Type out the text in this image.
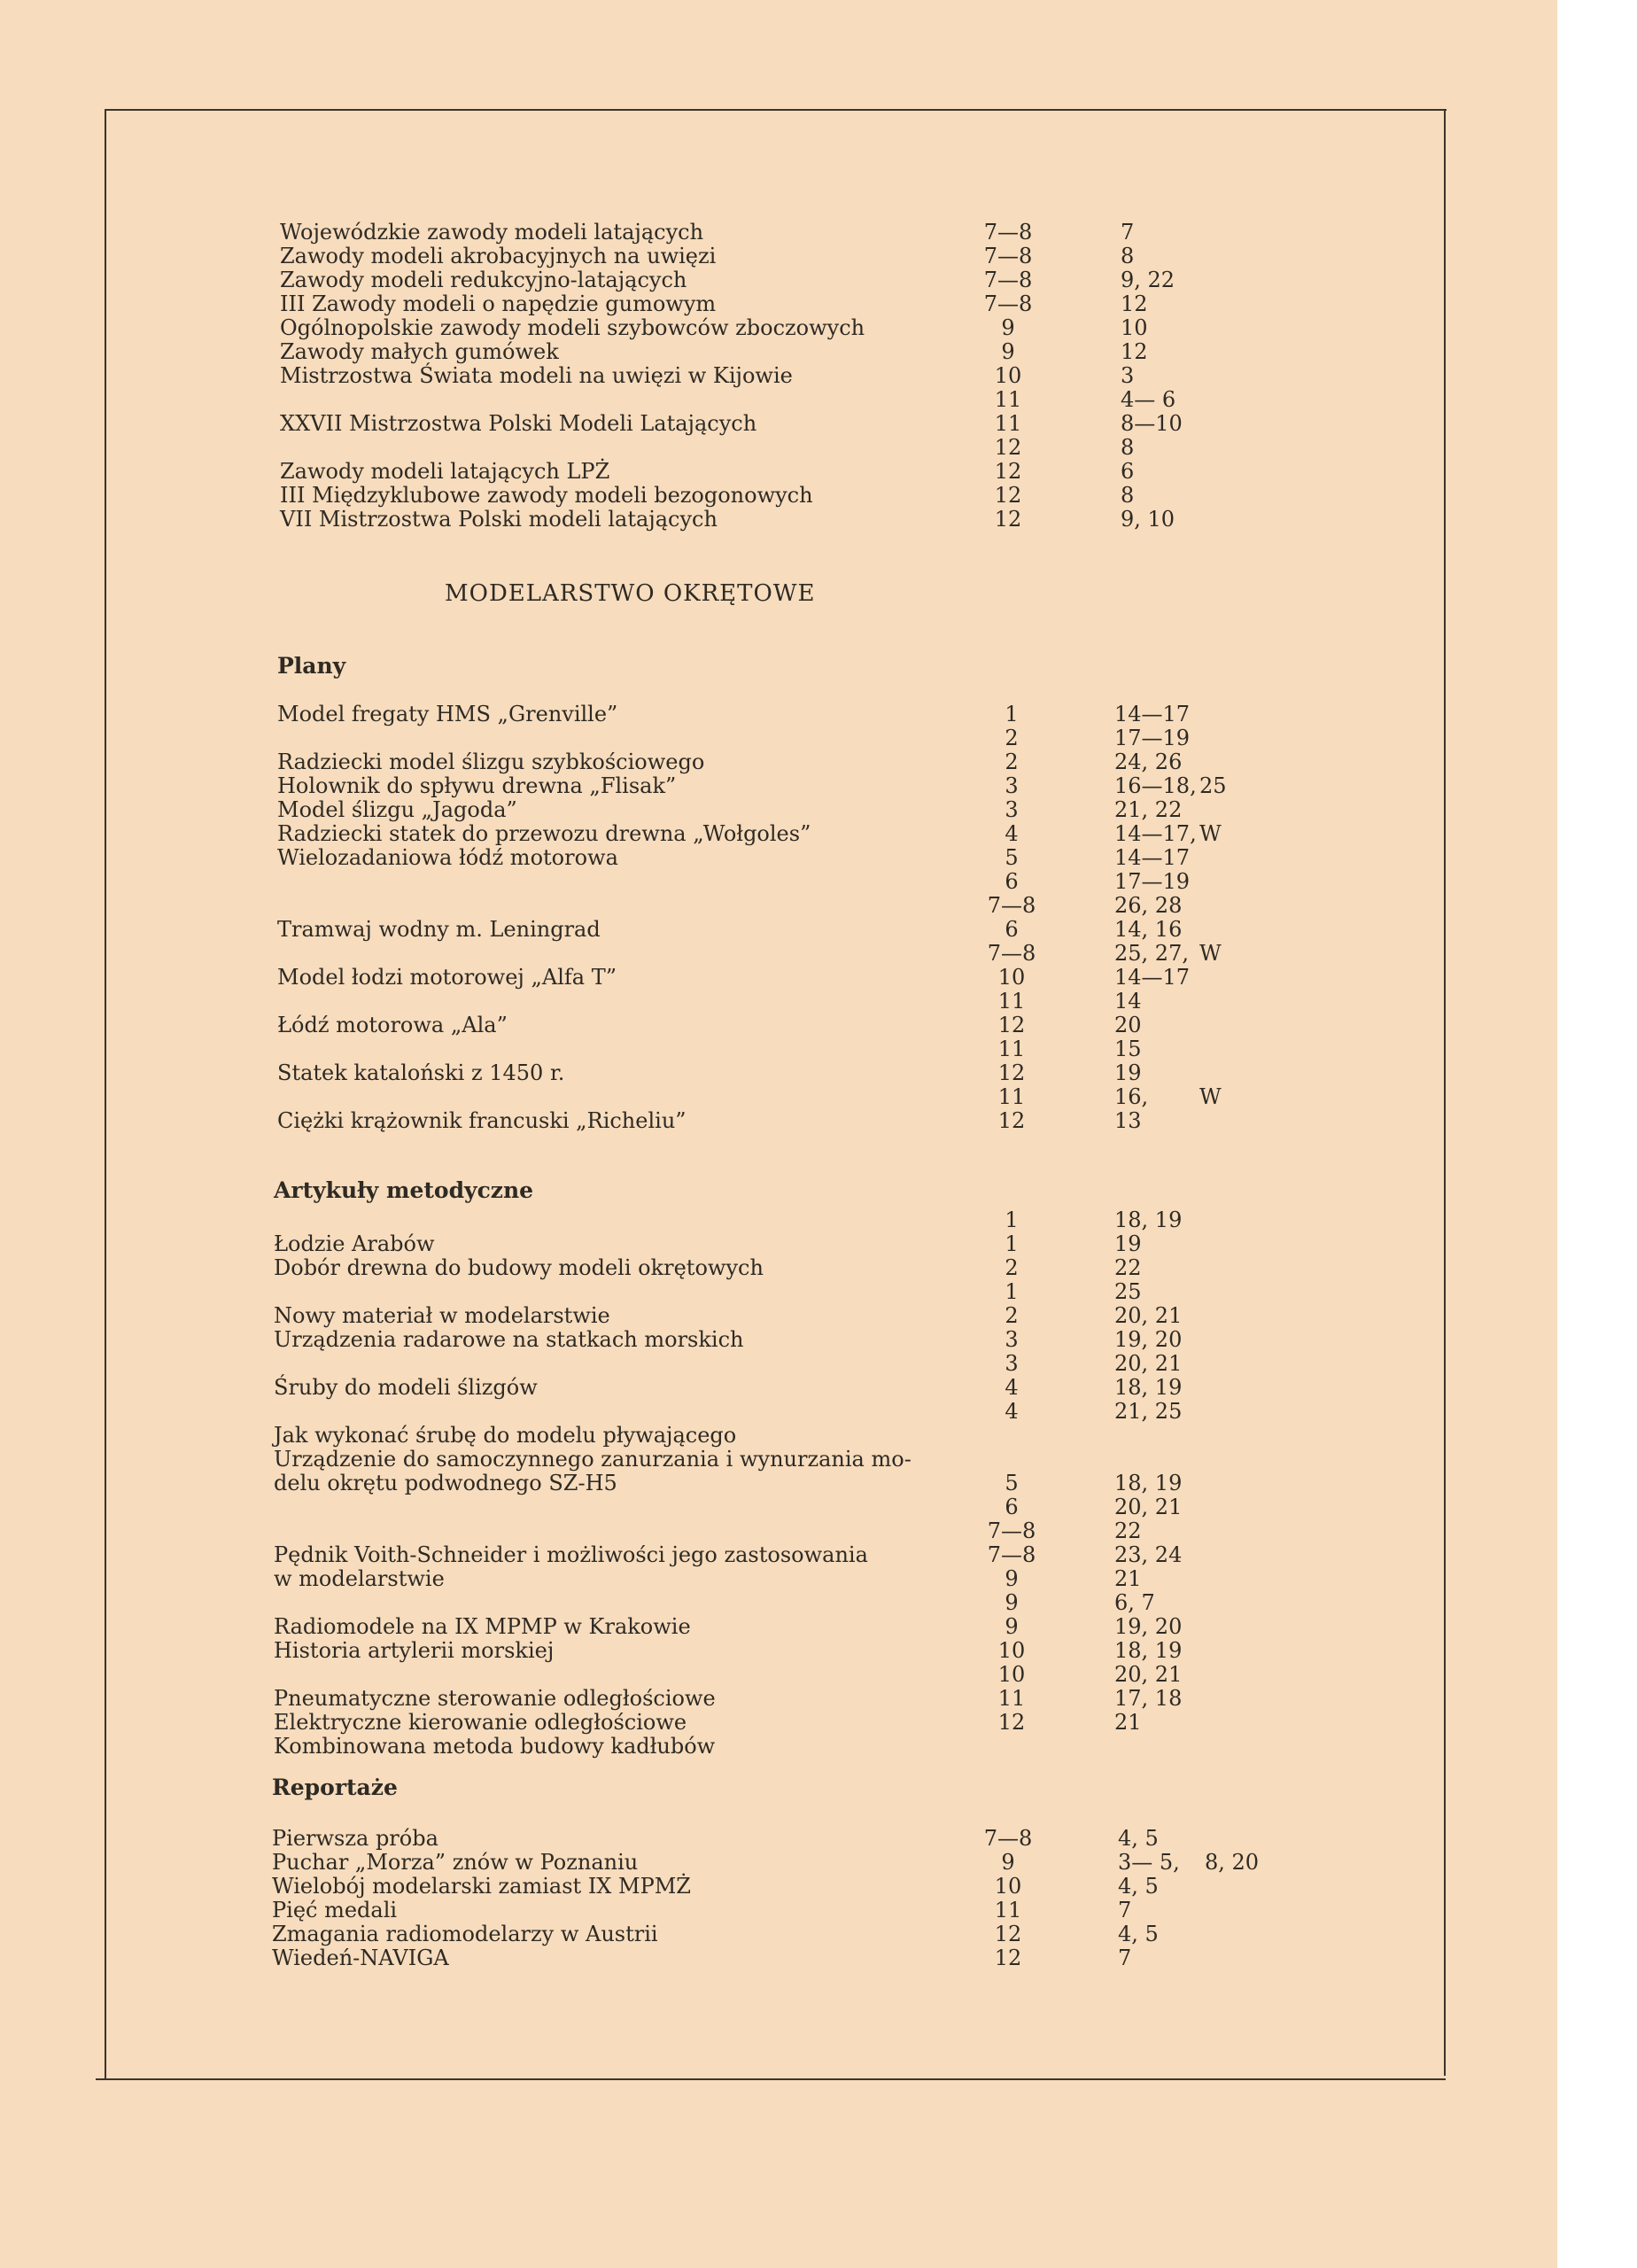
Wojewódzkie zawody modeli latających	7—8	7
Zawody modeli akrobacyjnych na uwięzi	7—8	8
Zawody modeli redukcyjno-latających	7—8	9, 22
III Zawody modeli o napędzie gumowym	7—8	12
Ogólnopolskie zawody modeli szybowców zboczowych	9	10
Zawody małych gumówek	9	12
Mistrzostwa Świata modeli na uwięzi w Kijowie	10	3
11	4— 6
XXVII Mistrzostwa Polski Modeli Latających	11	8—10
12	8
Zawody modeli latających LPŻ	12	6
III Międzyklubowe zawody modeli bezogonowych	12	8
VII Mistrzostwa Polski modeli latających	12	9, 10
MODELARSTWO OKRĘTOWE
Plany
Model fregaty HMS „Grenville”	1	14—17
2	17—19
Radziecki model ślizgu szybkościowego	2	24, 26
Holownik do spływu drewna „Flisak”	3	16—18, 25
Model ślizgu „Jagoda”	3	21, 22
Radziecki statek do przewozu drewna „Wołgoles”	4	14—17, W
Wielozadaniowa łódź motorowa	5	14—17
6	17—19
7—8	26, 28
Tramwaj wodny m. Leningrad	6	14, 16
7—8	25, 27, W
Model łodzi motorowej „Alfa T”	10	14—17
11	14
Łódź motorowa „Ala”	12	20
11	15
Statek kataloński z 1450 r.	12	19
11	16, W
Ciężki krążownik francuski „Richeliu”	12	13
Artykuły metodyczne
1	18, 19
Łodzie Arabów	1	19
Dobór drewna do budowy modeli okrętowych	2	22
1	25
Nowy materiał w modelarstwie	2	20, 21
Urządzenia radarowe na statkach morskich	3	19, 20
3	20, 21
Śruby do modeli ślizgów	4	18, 19
4	21, 25
Jak wykonać śrubę do modelu pływającego
Urządzenie do samoczynnego zanurzania i wynurzania mo-
delu okrętu podwodnego SZ-H5	5	18, 19
6	20, 21
7—8	22
Pędnik Voith-Schneider i możliwości jego zastosowania	7—8	23, 24
w modelarstwie	9	21
9	6, 7
Radiomodele na IX MPMP w Krakowie	9	19, 20
Historia artylerii morskiej	10	18, 19
10	20, 21
Pneumatyczne sterowanie odległościowe	11	17, 18
Elektryczne kierowanie odległościowe	12	21
Kombinowana metoda budowy kadłubów
Reportaże
Pierwsza próba	7—8	4, 5
Puchar „Morza” znów w Poznaniu	9	3— 5, 8, 20
Wielobój modelarski zamiast IX MPMŻ	10	4, 5
Pięć medali	11	7
Zmagania radiomodelarzy w Austrii	12	4, 5
Wiedeń-NAVIGA	12	7
